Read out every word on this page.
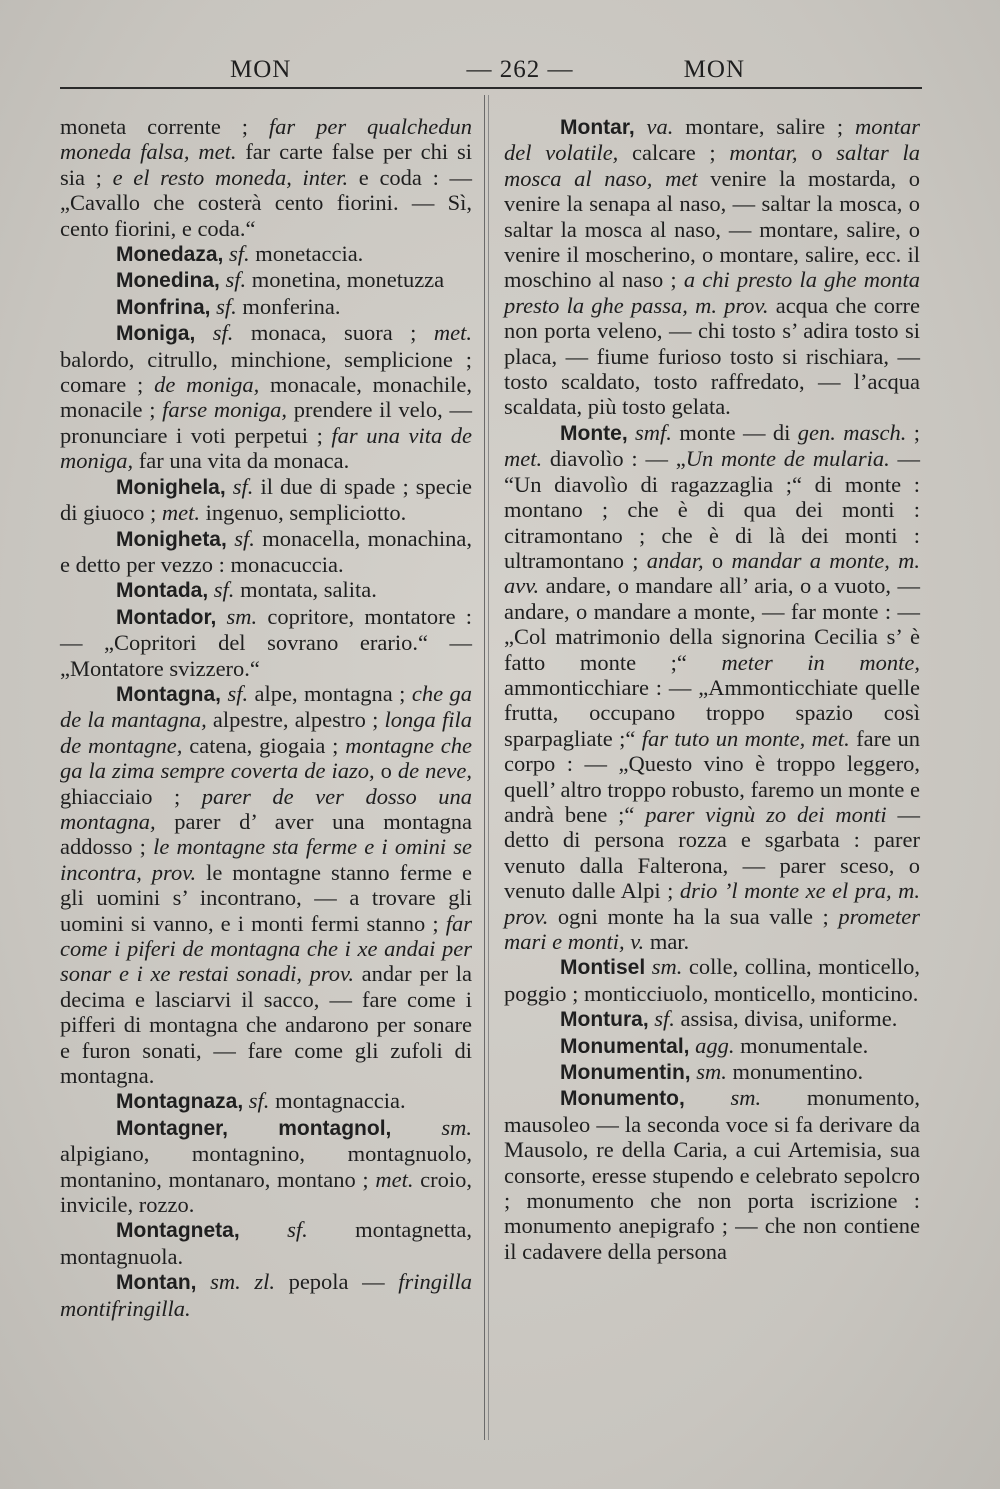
MON	— 262 —	MON

moneta corrente ; far per qualchedun moneda falsa, met. far carte false per chi si sia ; e el resto moneda, inter. e coda : — „Cavallo che costerà cento fiorini. — Sì, cento fiorini, e coda.“

Monedaza, sf. monetaccia.

Monedina, sf. monetina, monetuzza

Monfrina, sf. monferina.

Moniga, sf. monaca, suora ; met. balordo, citrullo, minchione, semplicione ; comare ; de moniga, monacale, monachile, monacile ; farse moniga, prendere il velo, — pronunciare i voti perpetui ; far una vita de moniga, far una vita da monaca.

Monighela, sf. il due di spade ; specie di giuoco ; met. ingenuo, sempliciotto.

Monigheta, sf. monacella, monachina, e detto per vezzo : monacuccia.

Montada, sf. montata, salita.

Montador, sm. copritore, montatore : — „Copritori del sovrano erario.“ — „Montatore svizzero.“

Montagna, sf. alpe, montagna ; che ga de la mantagna, alpestre, alpestro ; longa fila de montagne, catena, giogaia ; montagne che ga la zima sempre coverta de iazo, o de neve, ghiacciaio ; parer de ver dosso una montagna, parer d’ aver una montagna addosso ; le montagne sta ferme e i omini se incontra, prov. le montagne stanno ferme e gli uomini s’ incontrano, — a trovare gli uomini si vanno, e i monti fermi stanno ; far come i piferi de montagna che i xe andai per sonar e i xe restai sonadi, prov. andar per la decima e lasciarvi il sacco, — fare come i pifferi di montagna che andarono per sonare e furon sonati, — fare come gli zufoli di montagna.

Montagnaza, sf. montagnaccia.

Montagner, montagnol, sm. alpigiano, montagnino, montagnuolo, montanino, montanaro, montano ; met. croio, invicile, rozzo.

Montagneta, sf. montagnetta, montagnuola.

Montan, sm. zl. pepola — fringilla montifringilla.

Montar, va. montare, salire ; montar del volatile, calcare ; montar, o saltar la mosca al naso, met venire la mostarda, o venire la senapa al naso, — saltar la mosca, o saltar la mosca al naso, — montare, salire, o venire il moscherino, o montare, salire, ecc. il moschino al naso ; a chi presto la ghe monta presto la ghe passa, m. prov. acqua che corre non porta veleno, — chi tosto s’ adira tosto si placa, — fiume furioso tosto si rischiara, — tosto scaldato, tosto raffredato, — l’acqua scaldata, più tosto gelata.

Monte, smf. monte — di gen. masch. ; met. diavolìo : — „Un monte de mularia. — “Un diavolìo di ragazzaglia ;“ di monte : montano ; che è di qua dei monti : citramontano ; che è di là dei monti : ultramontano ; andar, o mandar a monte, m. avv. andare, o mandare all’ aria, o a vuoto, — andare, o mandare a monte, — far monte : — „Col matrimonio della signorina Cecilia s’ è fatto monte ;“ meter in monte, ammonticchiare : — „Ammonticchiate quelle frutta, occupano troppo spazio così sparpagliate ;“ far tuto un monte, met. fare un corpo : — „Questo vino è troppo leggero, quell’ altro troppo robusto, faremo un monte e andrà bene ;“ parer vignù zo dei monti — detto di persona rozza e sgarbata : parer venuto dalla Falterona, — parer sceso, o venuto dalle Alpi ; drio ’l monte xe el pra, m. prov. ogni monte ha la sua valle ; prometer mari e monti, v. mar.

Montisel sm. colle, collina, monticello, poggio ; monticciuolo, monticello, monticino.

Montura, sf. assisa, divisa, uniforme.

Monumental, agg. monumentale.

Monumentin, sm. monumentino.

Monumento, sm. monumento, mausoleo — la seconda voce si fa derivare da Mausolo, re della Caria, a cui Artemisia, sua consorte, eresse stupendo e celebrato sepolcro ; monumento che non porta iscrizione : monumento anepigrafo ; — che non contiene il cadavere della persona
